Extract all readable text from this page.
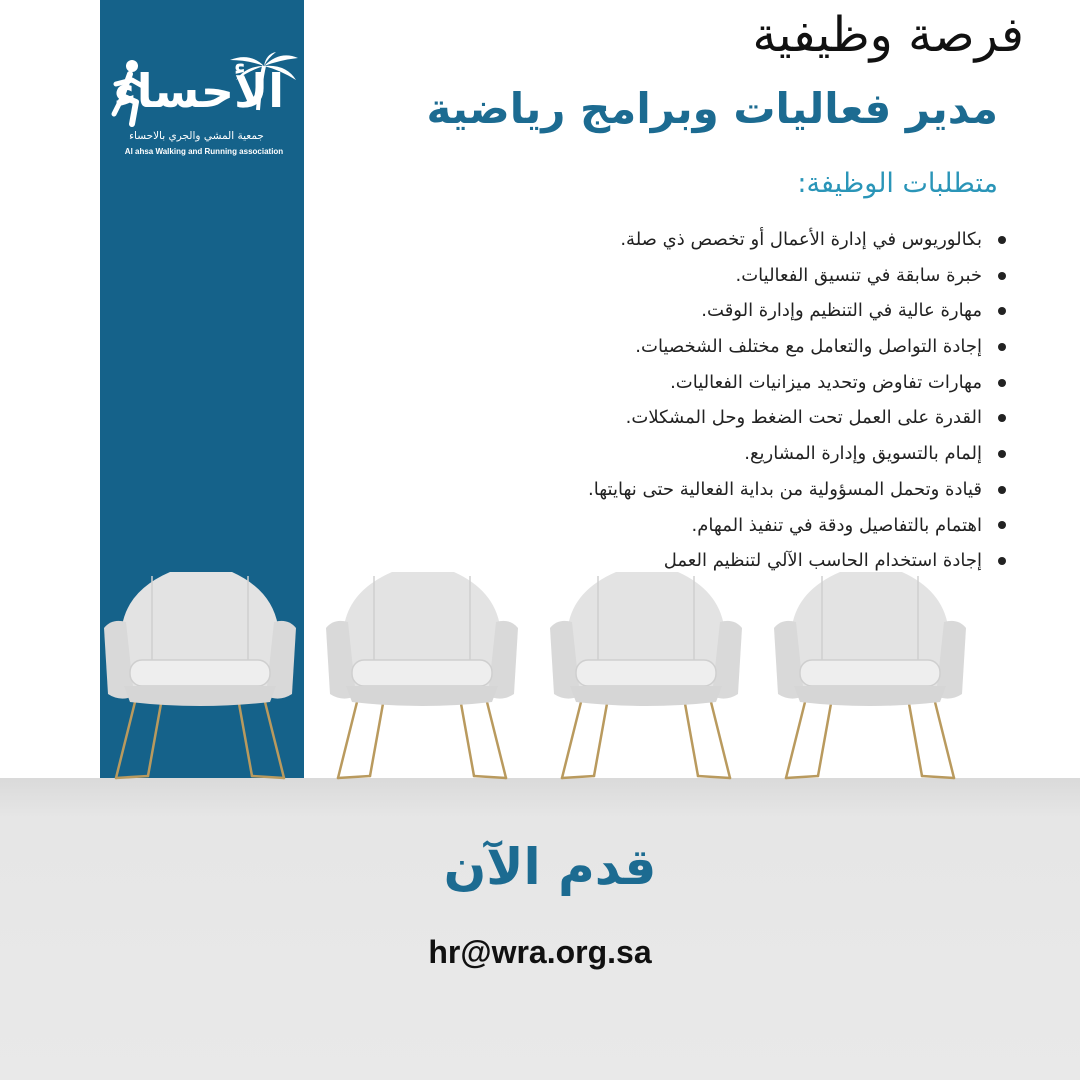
الأحساء
جمعية المشي والجري بالاحساء
Al ahsa Walking and Running association
فرصة وظيفية
مدير فعاليات وبرامج رياضية
متطلبات الوظيفة:
بكالوريوس في إدارة الأعمال أو تخصص ذي صلة.
خبرة سابقة في تنسيق الفعاليات.
مهارة عالية في التنظيم وإدارة الوقت.
إجادة التواصل والتعامل مع مختلف الشخصيات.
مهارات تفاوض وتحديد ميزانيات الفعاليات.
القدرة على العمل تحت الضغط وحل المشكلات.
إلمام بالتسويق وإدارة المشاريع.
قيادة وتحمل المسؤولية من بداية الفعالية حتى نهايتها.
اهتمام بالتفاصيل ودقة في تنفيذ المهام.
إجادة استخدام الحاسب الآلي لتنظيم العمل
قدم الآن
hr@wra.org.sa
